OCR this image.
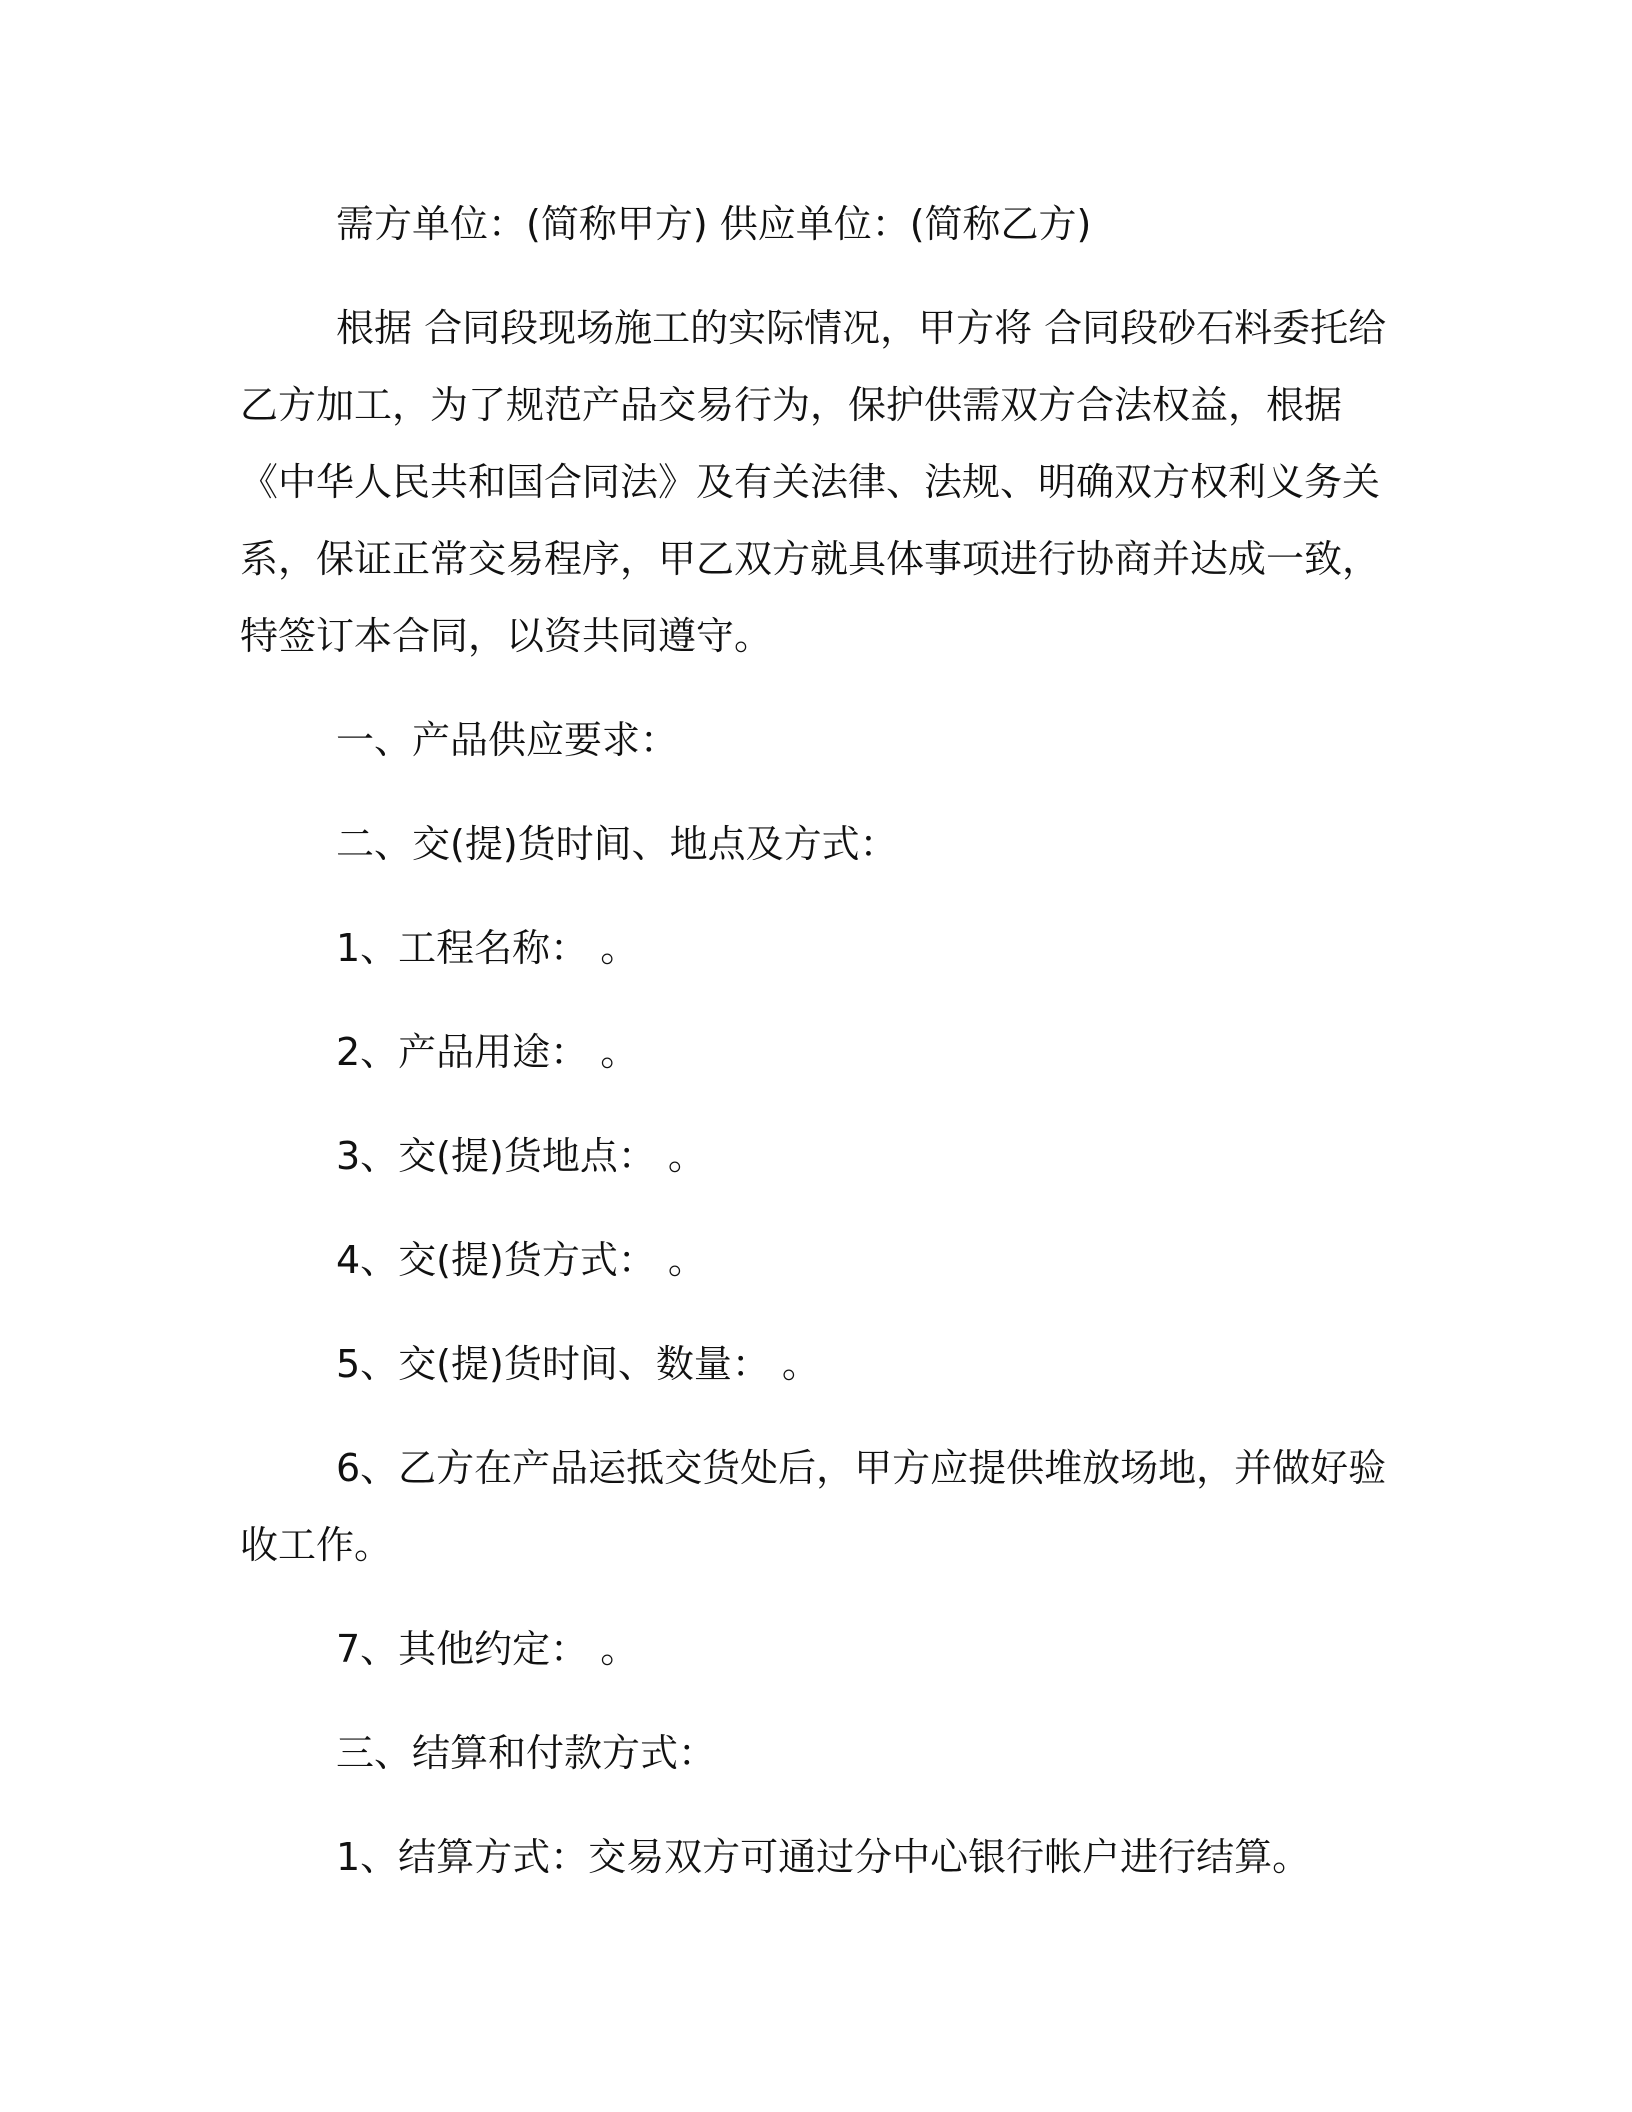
需方单位：(简称甲方) 供应单位：(简称乙方)

根据 合同段现场施工的实际情况，甲方将 合同段砂石料委托给
乙方加工，为了规范产品交易行为，保护供需双方合法权益，根据
《中华人民共和国合同法》及有关法律、法规、明确双方权利义务关
系，保证正常交易程序，甲乙双方就具体事项进行协商并达成一致，
特签订本合同，以资共同遵守。

一、产品供应要求：

二、交(提)货时间、地点及方式：

1、工程名称： 。

2、产品用途： 。

3、交(提)货地点： 。

4、交(提)货方式： 。

5、交(提)货时间、数量： 。

6、乙方在产品运抵交货处后，甲方应提供堆放场地，并做好验
收工作。

7、其他约定： 。

三、结算和付款方式：

1、结算方式：交易双方可通过分中心银行帐户进行结算。
